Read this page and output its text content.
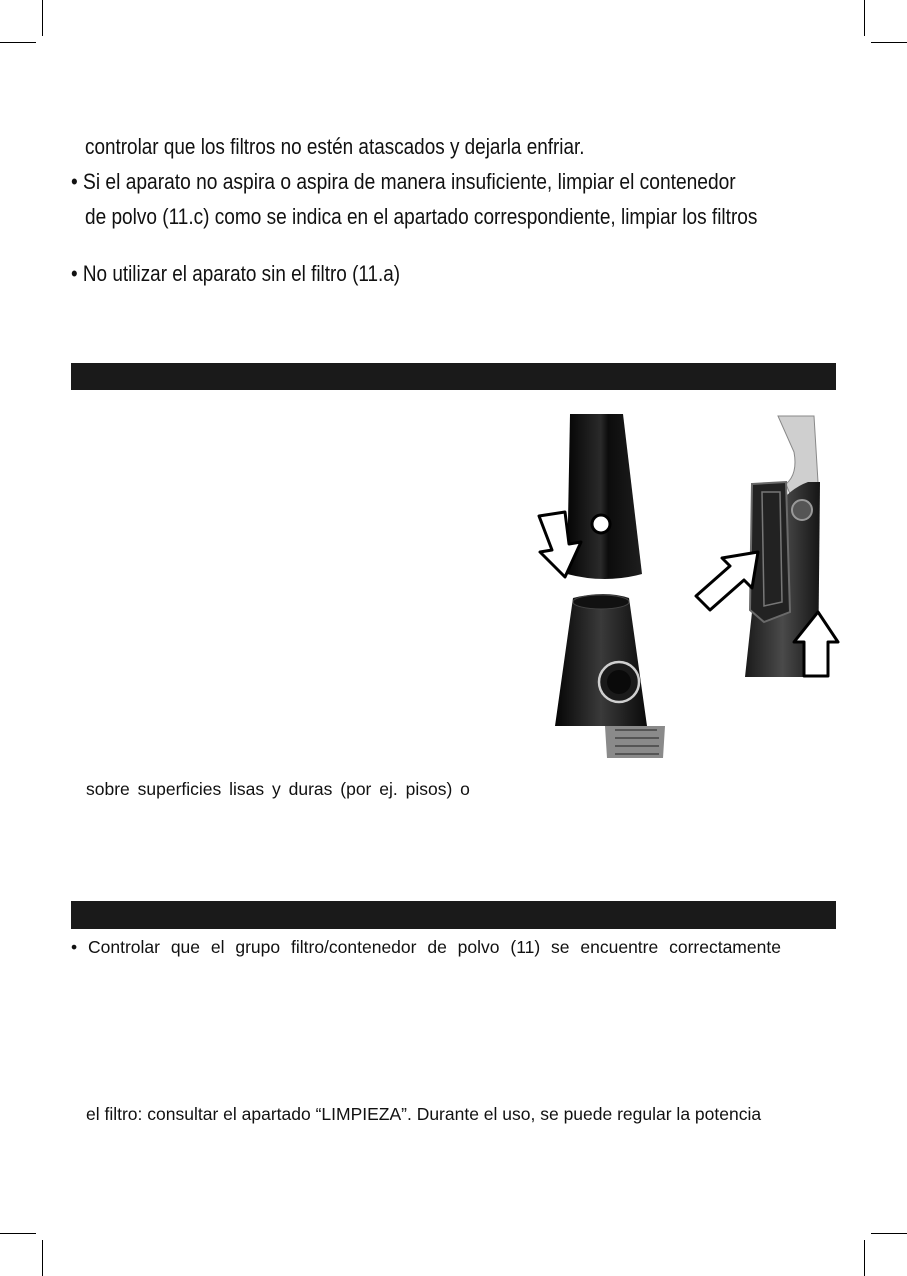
controlar que los filtros no estén atascados y dejarla enfriar.
• Si el aparato no aspira o aspira de manera insuficiente, limpiar el contenedor
de polvo (11.c) como se indica en el apartado correspondiente, limpiar los filtros
• No utilizar el aparato sin el filtro (11.a)
sobre superficies lisas y duras (por ej. pisos) o
• Controlar que el grupo filtro/contenedor de polvo (11) se encuentre correctamente
el filtro: consultar el apartado “LIMPIEZA”. Durante el uso, se puede regular la potencia
